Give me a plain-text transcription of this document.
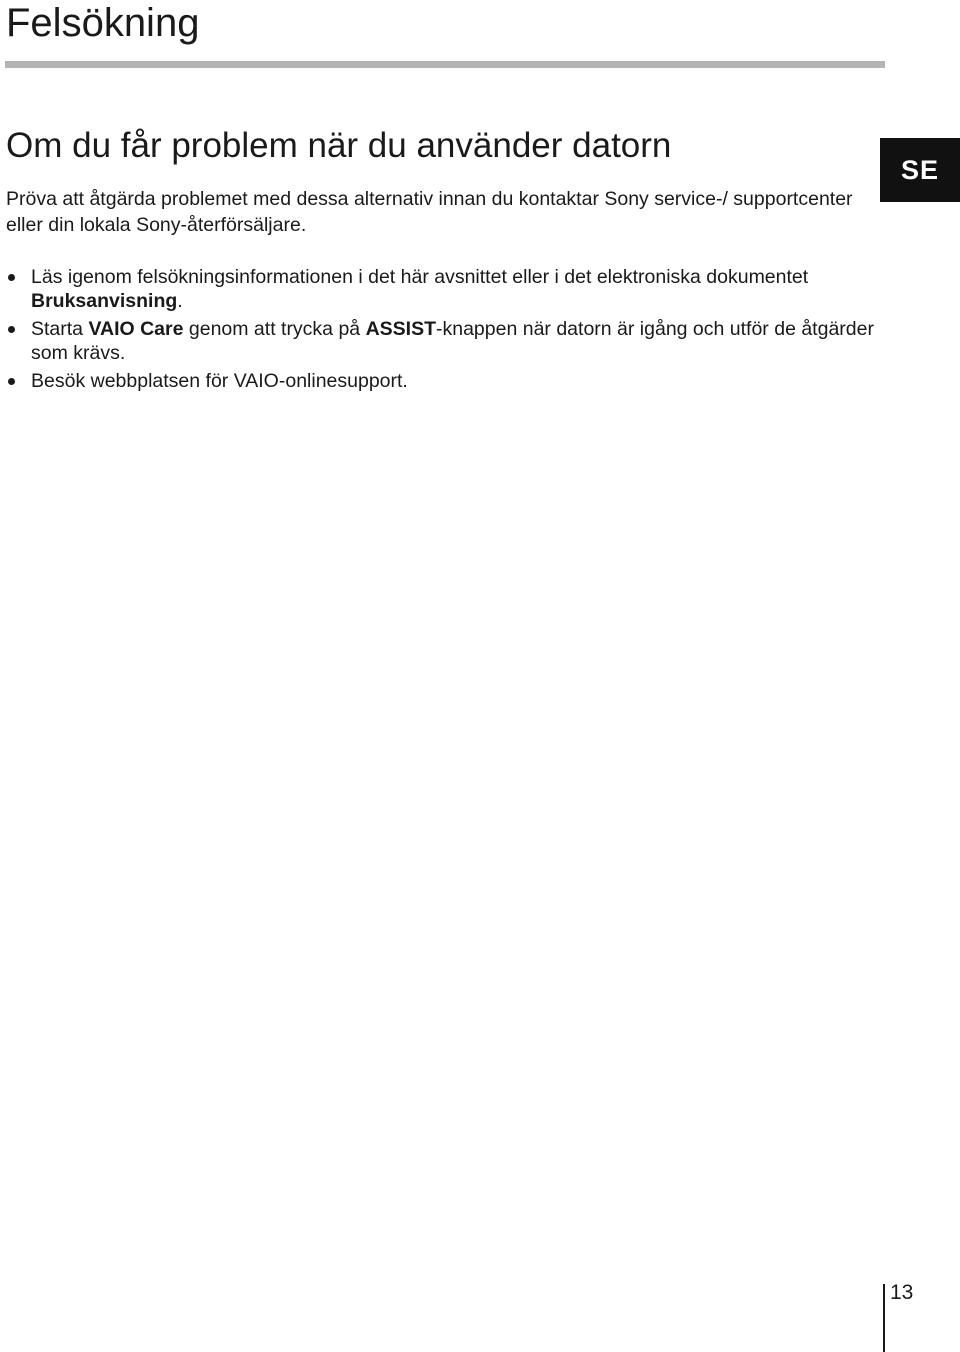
Felsökning
Om du får problem när du använder datorn

Pröva att åtgärda problemet med dessa alternativ innan du kontaktar Sony service-/ supportcenter eller din lokala Sony-återförsäljare.

SE
Läs igenom felsökningsinformationen i det här avsnittet eller i det elektroniska dokumentet Bruksanvisning.
Starta VAIO Care genom att trycka på ASSIST-knappen när datorn är igång och utför de åtgärder som krävs.
Besök webbplatsen för VAIO-onlinesupport.
13
